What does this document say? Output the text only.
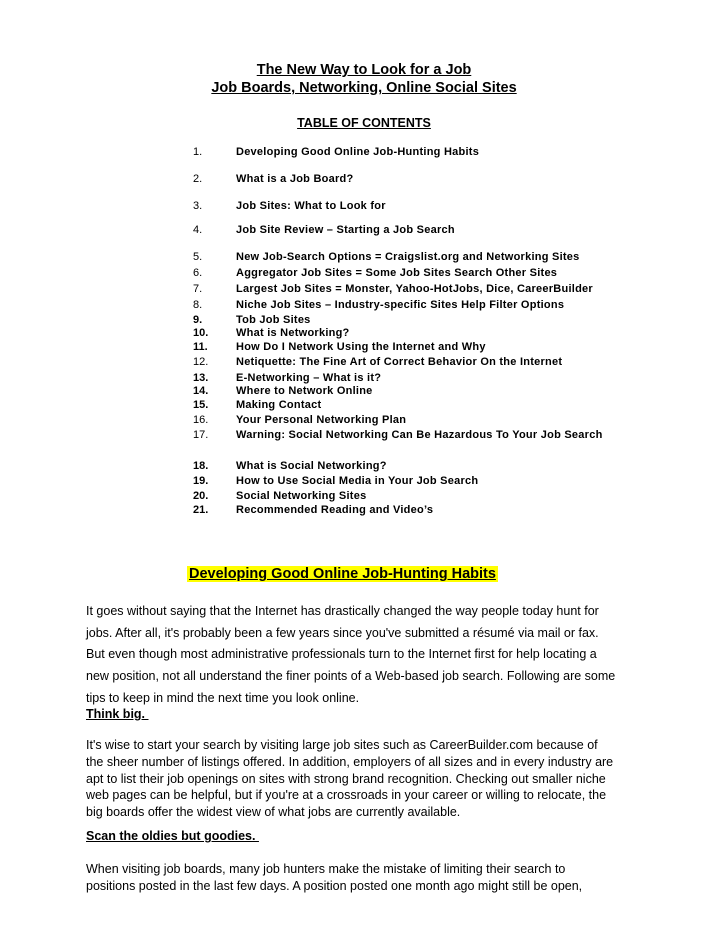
The New Way to Look for a Job
Job Boards, Networking, Online Social Sites
TABLE OF CONTENTS
1.	Developing Good Online Job-Hunting Habits
2.	What is a Job Board?
3.	Job Sites: What to Look for
4.	Job Site Review – Starting a Job Search
5.	New Job-Search Options = Craigslist.org and Networking Sites
6.	Aggregator Job Sites = Some Job Sites Search Other Sites
7.	Largest Job Sites = Monster, Yahoo-HotJobs, Dice, CareerBuilder
8.	Niche Job Sites – Industry-specific Sites Help Filter Options
9.	Tob Job Sites
10.	What is Networking?
11.	How Do I Network Using the Internet and Why
12.	Netiquette: The Fine Art of Correct Behavior On the Internet
13.	E-Networking – What is it?
14.	Where to Network Online
15.	Making Contact
16.	Your Personal Networking Plan
17.	Warning: Social Networking Can Be Hazardous To Your Job Search
18.	What is Social Networking?
19.	How to Use Social Media in Your Job Search
20.	Social Networking Sites
21.	Recommended Reading and Video’s
Developing Good Online Job-Hunting Habits
It goes without saying that the Internet has drastically changed the way people today hunt for
jobs. After all, it's probably been a few years since you've submitted a résumé via mail or fax.
But even though most administrative professionals turn to the Internet first for help locating a
new position, not all understand the finer points of a Web-based job search. Following are some
tips to keep in mind the next time you look online.
Think big.
It's wise to start your search by visiting large job sites such as CareerBuilder.com because of
the sheer number of listings offered. In addition, employers of all sizes and in every industry are
apt to list their job openings on sites with strong brand recognition. Checking out smaller niche
web pages can be helpful, but if you're at a crossroads in your career or willing to relocate, the
big boards offer the widest view of what jobs are currently available.
Scan the oldies but goodies.
When visiting job boards, many job hunters make the mistake of limiting their search to
positions posted in the last few days. A position posted one month ago might still be open,
